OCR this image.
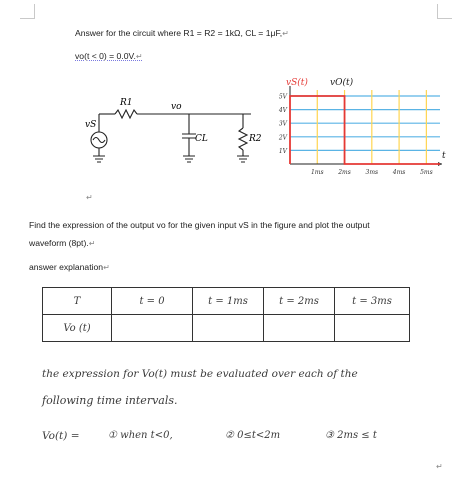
Answer for the circuit where R1 = R2 = 1kΩ, CL = 1μF,↵
vo(t < 0) = 0.0V.↵
R1	vo
vS
CL	R2
1V
2V
3V
4V
5V
1ms 2ms 3ms 4ms 5ms
t
vS(t) vO(t)
↵
Find the expression of the output vo for the given input vS in the figure and plot the output
waveform (8pt).↵
answer explanation↵
T	t = 0	t = 1ms	t = 2ms	t = 3ms
Vo (t)				
the expression for Vo(t) must be evaluated over each of the
following time intervals.
Vo(t) =	① when t<0,	② 0≤t<2m	③ 2ms ≤ t
↵
